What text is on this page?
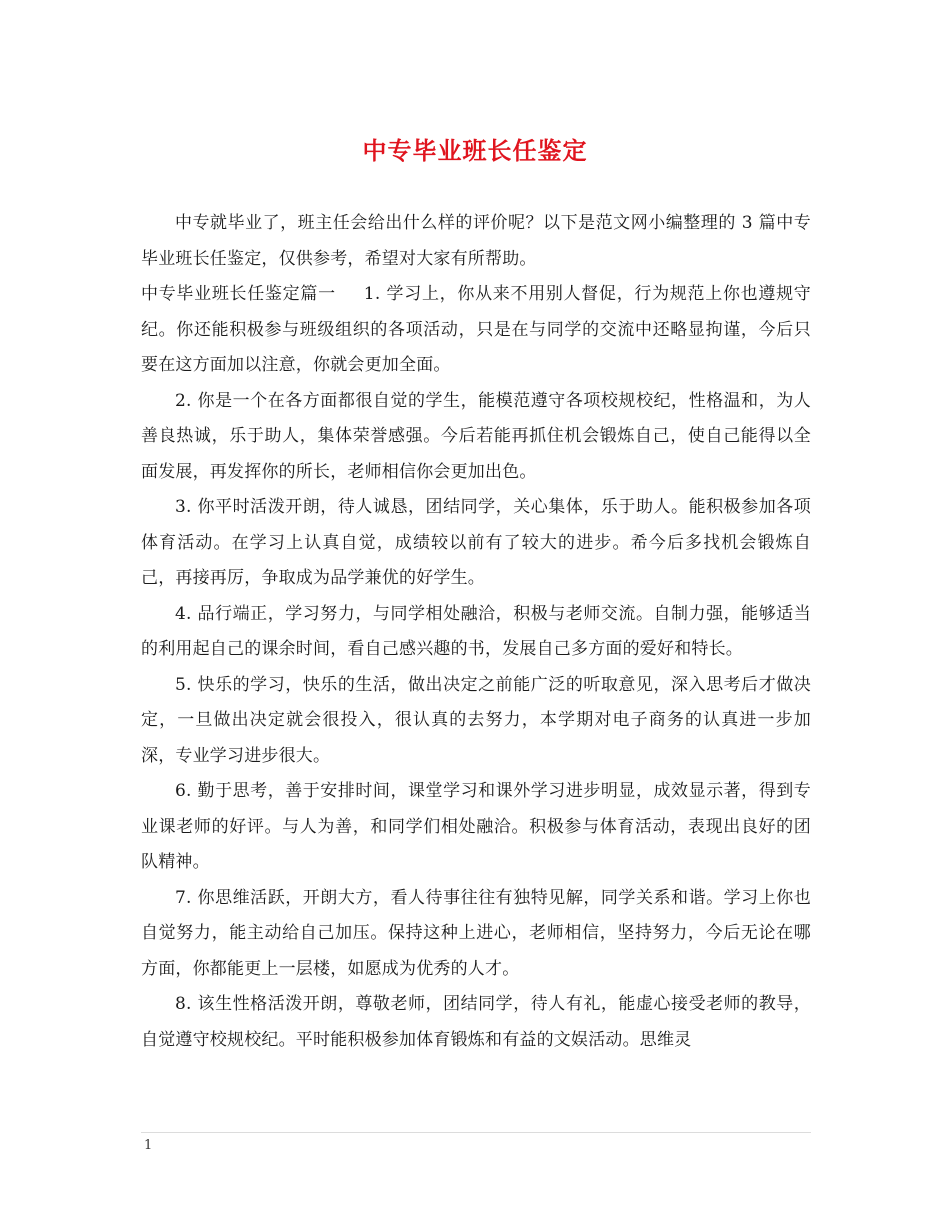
中专毕业班长任鉴定

中专就毕业了，班主任会给出什么样的评价呢？以下是范文网小编整理的 3 篇中专毕业班长任鉴定，仅供参考，希望对大家有所帮助。

中专毕业班长任鉴定篇一 1. 学习上，你从来不用别人督促，行为规范上你也遵规守纪。你还能积极参与班级组织的各项活动，只是在与同学的交流中还略显拘谨，今后只要在这方面加以注意，你就会更加全面。

2. 你是一个在各方面都很自觉的学生，能模范遵守各项校规校纪，性格温和，为人善良热诚，乐于助人，集体荣誉感强。今后若能再抓住机会锻炼自己，使自己能得以全面发展，再发挥你的所长，老师相信你会更加出色。

3. 你平时活泼开朗，待人诚恳，团结同学，关心集体，乐于助人。能积极参加各项体育活动。在学习上认真自觉，成绩较以前有了较大的进步。希今后多找机会锻炼自己，再接再厉，争取成为品学兼优的好学生。

4. 品行端正，学习努力，与同学相处融洽，积极与老师交流。自制力强，能够适当的利用起自己的课余时间，看自己感兴趣的书，发展自己多方面的爱好和特长。

5. 快乐的学习，快乐的生活，做出决定之前能广泛的听取意见，深入思考后才做决定，一旦做出决定就会很投入，很认真的去努力，本学期对电子商务的认真进一步加深，专业学习进步很大。

6. 勤于思考，善于安排时间，课堂学习和课外学习进步明显，成效显示著，得到专业课老师的好评。与人为善，和同学们相处融洽。积极参与体育活动，表现出良好的团队精神。

7. 你思维活跃，开朗大方，看人待事往往有独特见解，同学关系和谐。学习上你也自觉努力，能主动给自己加压。保持这种上进心，老师相信，坚持努力，今后无论在哪方面，你都能更上一层楼，如愿成为优秀的人才。

8. 该生性格活泼开朗，尊敬老师，团结同学，待人有礼，能虚心接受老师的教导，自觉遵守校规校纪。平时能积极参加体育锻炼和有益的文娱活动。思维灵

1
